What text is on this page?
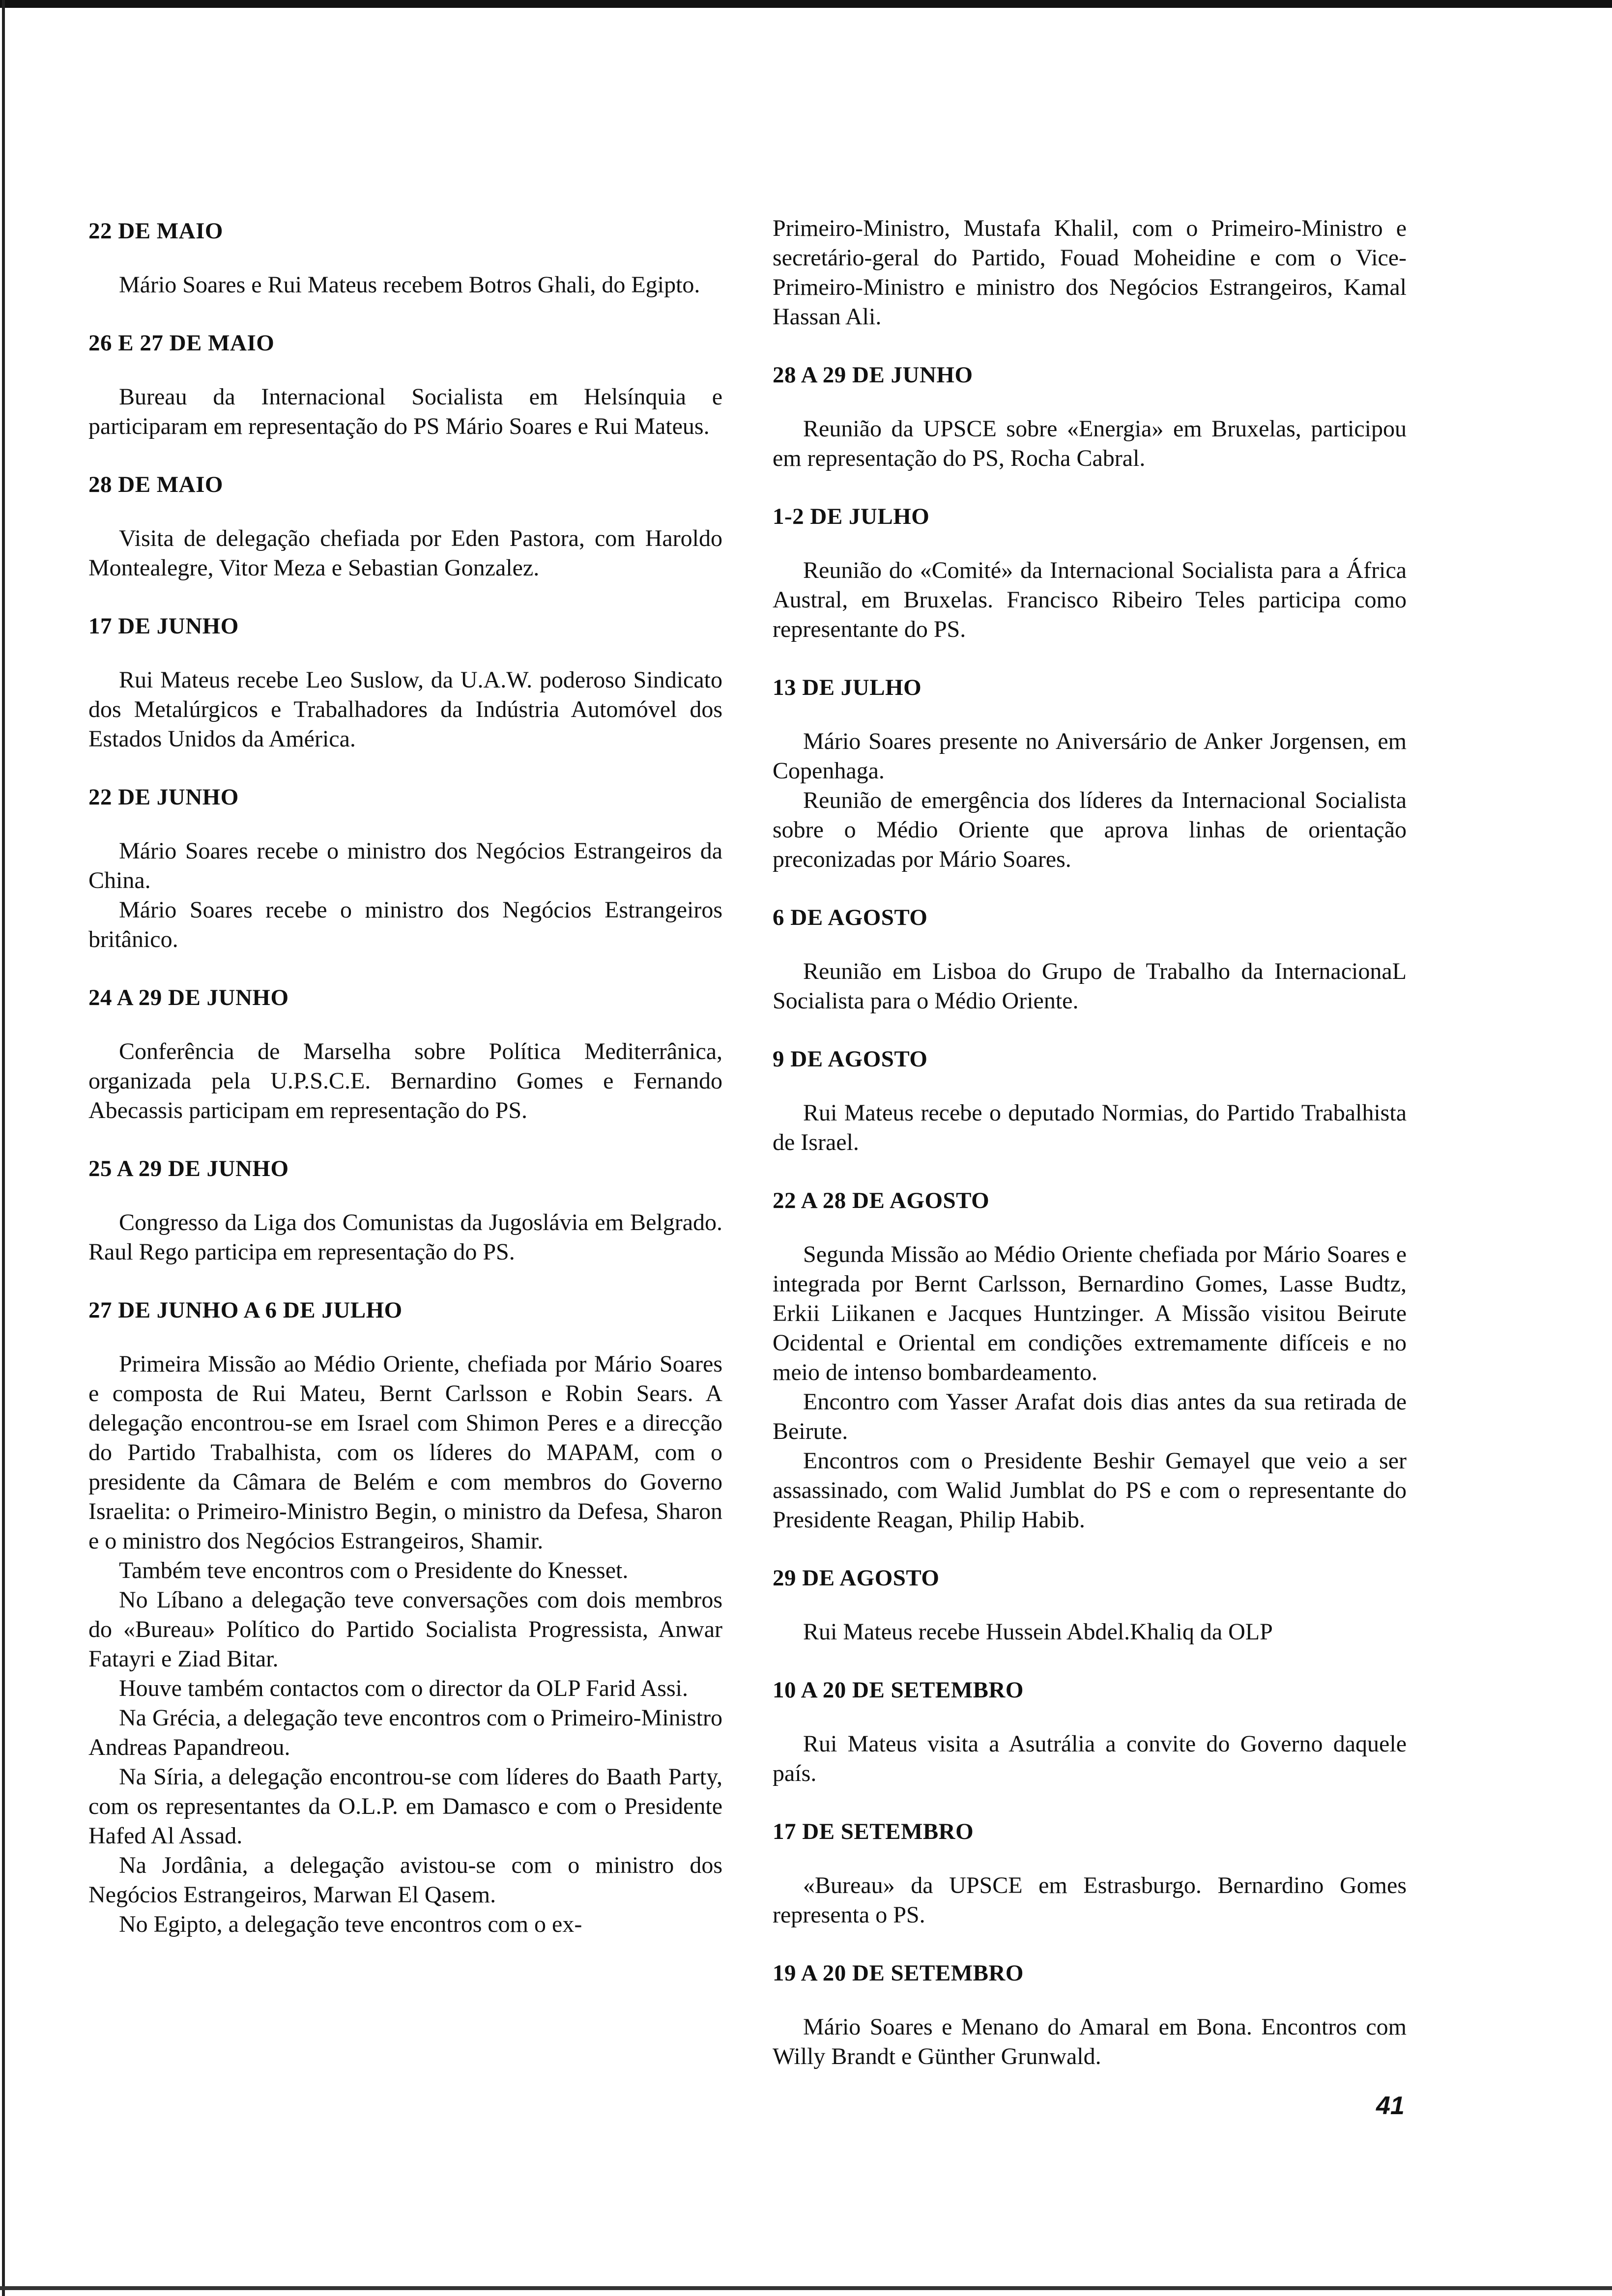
22 DE MAIO

Mário Soares e Rui Mateus recebem Botros Ghali, do Egipto.

26 E 27 DE MAIO

Bureau da Internacional Socialista em Helsínquia e participaram em representação do PS Mário Soares e Rui Mateus.

28 DE MAIO

Visita de delegação chefiada por Eden Pastora, com Haroldo Montealegre, Vitor Meza e Sebastian Gonzalez.

17 DE JUNHO

Rui Mateus recebe Leo Suslow, da U.A.W. poderoso Sindicato dos Metalúrgicos e Trabalhadores da Indústria Automóvel dos Estados Unidos da América.

22 DE JUNHO

Mário Soares recebe o ministro dos Negócios Estrangeiros da China.

Mário Soares recebe o ministro dos Negócios Estrangeiros britânico.

24 A 29 DE JUNHO

Conferência de Marselha sobre Política Mediterrânica, organizada pela U.P.S.C.E. Bernardino Gomes e Fernando Abecassis participam em representação do PS.

25 A 29 DE JUNHO

Congresso da Liga dos Comunistas da Jugoslávia em Belgrado. Raul Rego participa em representação do PS.

27 DE JUNHO A 6 DE JULHO

Primeira Missão ao Médio Oriente, chefiada por Mário Soares e composta de Rui Mateu, Bernt Carlsson e Robin Sears. A delegação encontrou-se em Israel com Shimon Peres e a direcção do Partido Trabalhista, com os líderes do MAPAM, com o presidente da Câmara de Belém e com membros do Governo Israelita: o Primeiro-Ministro Begin, o ministro da Defesa, Sharon e o ministro dos Negócios Estrangeiros, Shamir.

Também teve encontros com o Presidente do Knesset.

No Líbano a delegação teve conversações com dois membros do «Bureau» Político do Partido Socialista Progressista, Anwar Fatayri e Ziad Bitar.

Houve também contactos com o director da OLP Farid Assi.

Na Grécia, a delegação teve encontros com o Primeiro-Ministro Andreas Papandreou.

Na Síria, a delegação encontrou-se com líderes do Baath Party, com os representantes da O.L.P. em Damasco e com o Presidente Hafed Al Assad.

Na Jordânia, a delegação avistou-se com o ministro dos Negócios Estrangeiros, Marwan El Qasem.

No Egipto, a delegação teve encontros com o ex-

Primeiro-Ministro, Mustafa Khalil, com o Primeiro-Ministro e secretário-geral do Partido, Fouad Moheidine e com o Vice-Primeiro-Ministro e ministro dos Negócios Estrangeiros, Kamal Hassan Ali.

28 A 29 DE JUNHO

Reunião da UPSCE sobre «Energia» em Bruxelas, participou em representação do PS, Rocha Cabral.

1-2 DE JULHO

Reunião do «Comité» da Internacional Socialista para a África Austral, em Bruxelas. Francisco Ribeiro Teles participa como representante do PS.

13 DE JULHO

Mário Soares presente no Aniversário de Anker Jorgensen, em Copenhaga.

Reunião de emergência dos líderes da Internacional Socialista sobre o Médio Oriente que aprova linhas de orientação preconizadas por Mário Soares.

6 DE AGOSTO

Reunião em Lisboa do Grupo de Trabalho da InternacionaL Socialista para o Médio Oriente.

9 DE AGOSTO

Rui Mateus recebe o deputado Normias, do Partido Trabalhista de Israel.

22 A 28 DE AGOSTO

Segunda Missão ao Médio Oriente chefiada por Mário Soares e integrada por Bernt Carlsson, Bernardino Gomes, Lasse Budtz, Erkii Liikanen e Jacques Huntzinger. A Missão visitou Beirute Ocidental e Oriental em condições extremamente difíceis e no meio de intenso bombardeamento.

Encontro com Yasser Arafat dois dias antes da sua retirada de Beirute.

Encontros com o Presidente Beshir Gemayel que veio a ser assassinado, com Walid Jumblat do PS e com o representante do Presidente Reagan, Philip Habib.

29 DE AGOSTO

Rui Mateus recebe Hussein Abdel.Khaliq da OLP

10 A 20 DE SETEMBRO

Rui Mateus visita a Asutrália a convite do Governo daquele país.

17 DE SETEMBRO

«Bureau» da UPSCE em Estrasburgo. Bernardino Gomes representa o PS.

19 A 20 DE SETEMBRO

Mário Soares e Menano do Amaral em Bona. Encontros com Willy Brandt e Günther Grunwald.

41
